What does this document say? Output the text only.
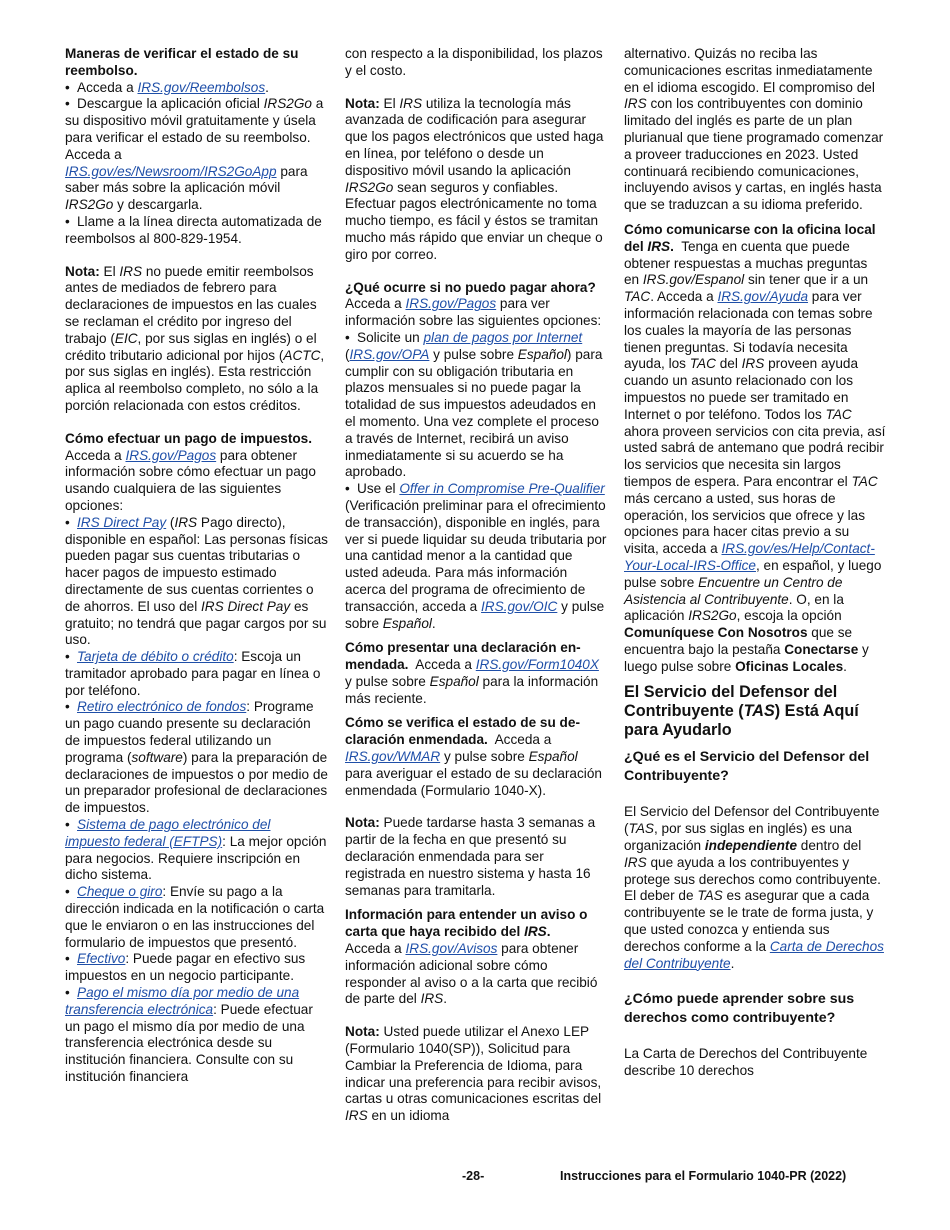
Maneras de verificar el estado de su reembolso.
• Acceda a IRS.gov/Reembolsos.
• Descargue la aplicación oficial IRS2Go a su dispositivo móvil gratuitamente y úsela para verificar el estado de su reembolso. Acceda a IRS.gov/es/Newsroom/IRS2GoApp para saber más sobre la aplicación móvil IRS2Go y descargarla.
• Llame a la línea directa automatizada de reembolsos al 800-829-1954.
Nota: El IRS no puede emitir reembolsos antes de mediados de febrero para declaraciones de impuestos en las cuales se reclaman el crédito por ingreso del trabajo (EIC, por sus siglas en inglés) o el crédito tributario adicional por hijos (ACTC, por sus siglas en inglés). Esta restricción aplica al reembolso completo, no sólo a la porción relacionada con estos créditos.
Cómo efectuar un pago de impuestos.  Acceda a IRS.gov/Pagos para obtener información sobre cómo efectuar un pago usando cualquiera de las siguientes opciones:
• IRS Direct Pay (IRS Pago directo), disponible en español: Las personas físicas pueden pagar sus cuentas tributarias o hacer pagos de impuesto estimado directamente de sus cuentas corrientes o de ahorros. El uso del IRS Direct Pay es gratuito; no tendrá que pagar cargos por su uso.
• Tarjeta de débito o crédito: Escoja un tramitador aprobado para pagar en línea o por teléfono.
• Retiro electrónico de fondos: Programe un pago cuando presente su declaración de impuestos federal utilizando un programa (software) para la preparación de declaraciones de impuestos o por medio de un preparador profesional de declaraciones de impuestos.
• Sistema de pago electrónico del impuesto federal (EFTPS): La mejor opción para negocios. Requiere inscripción en dicho sistema.
• Cheque o giro: Envíe su pago a la dirección indicada en la notificación o carta que le enviaron o en las instrucciones del formulario de impuestos que presentó.
• Efectivo: Puede pagar en efectivo sus impuestos en un negocio participante.
• Pago el mismo día por medio de una transferencia electrónica: Puede efectuar un pago el mismo día por medio de una transferencia electrónica desde su institución financiera. Consulte con su institución financiera
con respecto a la disponibilidad, los plazos y el costo.
Nota: El IRS utiliza la tecnología más avanzada de codificación para asegurar que los pagos electrónicos que usted haga en línea, por teléfono o desde un dispositivo móvil usando la aplicación IRS2Go sean seguros y confiables. Efectuar pagos electrónicamente no toma mucho tiempo, es fácil y éstos se tramitan mucho más rápido que enviar un cheque o giro por correo.
¿Qué ocurre si no puedo pagar ahora?  Acceda a IRS.gov/Pagos para ver información sobre las siguientes opciones:
• Solicite un plan de pagos por Internet (IRS.gov/OPA y pulse sobre Español) para cumplir con su obligación tributaria en plazos mensuales si no puede pagar la totalidad de sus impuestos adeudados en el momento. Una vez complete el proceso a través de Internet, recibirá un aviso inmediatamente si su acuerdo se ha aprobado.
• Use el Offer in Compromise Pre-Qualifier (Verificación preliminar para el ofrecimiento de transacción), disponible en inglés, para ver si puede liquidar su deuda tributaria por una cantidad menor a la cantidad que usted adeuda. Para más información acerca del programa de ofrecimiento de transacción, acceda a IRS.gov/OIC y pulse sobre Español.
Cómo presentar una declaración enmendada. Acceda a IRS.gov/Form1040X y pulse sobre Español para la información más reciente.
Cómo se verifica el estado de su declaración enmendada. Acceda a IRS.gov/WMAR y pulse sobre Español para averiguar el estado de su declaración enmendada (Formulario 1040-X).
Nota: Puede tardarse hasta 3 semanas a partir de la fecha en que presentó su declaración enmendada para ser registrada en nuestro sistema y hasta 16 semanas para tramitarla.
Información para entender un aviso o carta que haya recibido del IRS.
Acceda a IRS.gov/Avisos para obtener información adicional sobre cómo responder al aviso o a la carta que recibió de parte del IRS.
Nota: Usted puede utilizar el Anexo LEP (Formulario 1040(SP)), Solicitud para Cambiar la Preferencia de Idioma, para indicar una preferencia para recibir avisos, cartas u otras comunicaciones escritas del IRS en un idioma
alternativo. Quizás no reciba las comunicaciones escritas inmediatamente en el idioma escogido. El compromiso del IRS con los contribuyentes con dominio limitado del inglés es parte de un plan plurianual que tiene programado comenzar a proveer traducciones en 2023. Usted continuará recibiendo comunicaciones, incluyendo avisos y cartas, en inglés hasta que se traduzcan a su idioma preferido.
Cómo comunicarse con la oficina local del IRS. Tenga en cuenta que puede obtener respuestas a muchas preguntas en IRS.gov/Espanol sin tener que ir a un TAC. Acceda a IRS.gov/Ayuda para ver información relacionada con temas sobre los cuales la mayoría de las personas tienen preguntas. Si todavía necesita ayuda, los TAC del IRS proveen ayuda cuando un asunto relacionado con los impuestos no puede ser tramitado en Internet o por teléfono. Todos los TAC ahora proveen servicios con cita previa, así usted sabrá de antemano que podrá recibir los servicios que necesita sin largos tiempos de espera. Para encontrar el TAC más cercano a usted, sus horas de operación, los servicios que ofrece y las opciones para hacer citas previo a su visita, acceda a IRS.gov/es/Help/Contact-Your-Local-IRS-Office, en español, y luego pulse sobre Encuentre un Centro de Asistencia al Contribuyente. O, en la aplicación IRS2Go, escoja la opción Comuníquese Con Nosotros que se encuentra bajo la pestaña Conectarse y luego pulse sobre Oficinas Locales.
El Servicio del Defensor del Contribuyente (TAS) Está Aquí para Ayudarlo
¿Qué es el Servicio del Defensor del Contribuyente?
El Servicio del Defensor del Contribuyente (TAS, por sus siglas en inglés) es una organización independiente dentro del IRS que ayuda a los contribuyentes y protege sus derechos como contribuyente. El deber de TAS es asegurar que a cada contribuyente se le trate de forma justa, y que usted conozca y entienda sus derechos conforme a la Carta de Derechos del Contribuyente.
¿Cómo puede aprender sobre sus derechos como contribuyente?
La Carta de Derechos del Contribuyente describe 10 derechos
-28-	Instrucciones para el Formulario 1040-PR (2022)
